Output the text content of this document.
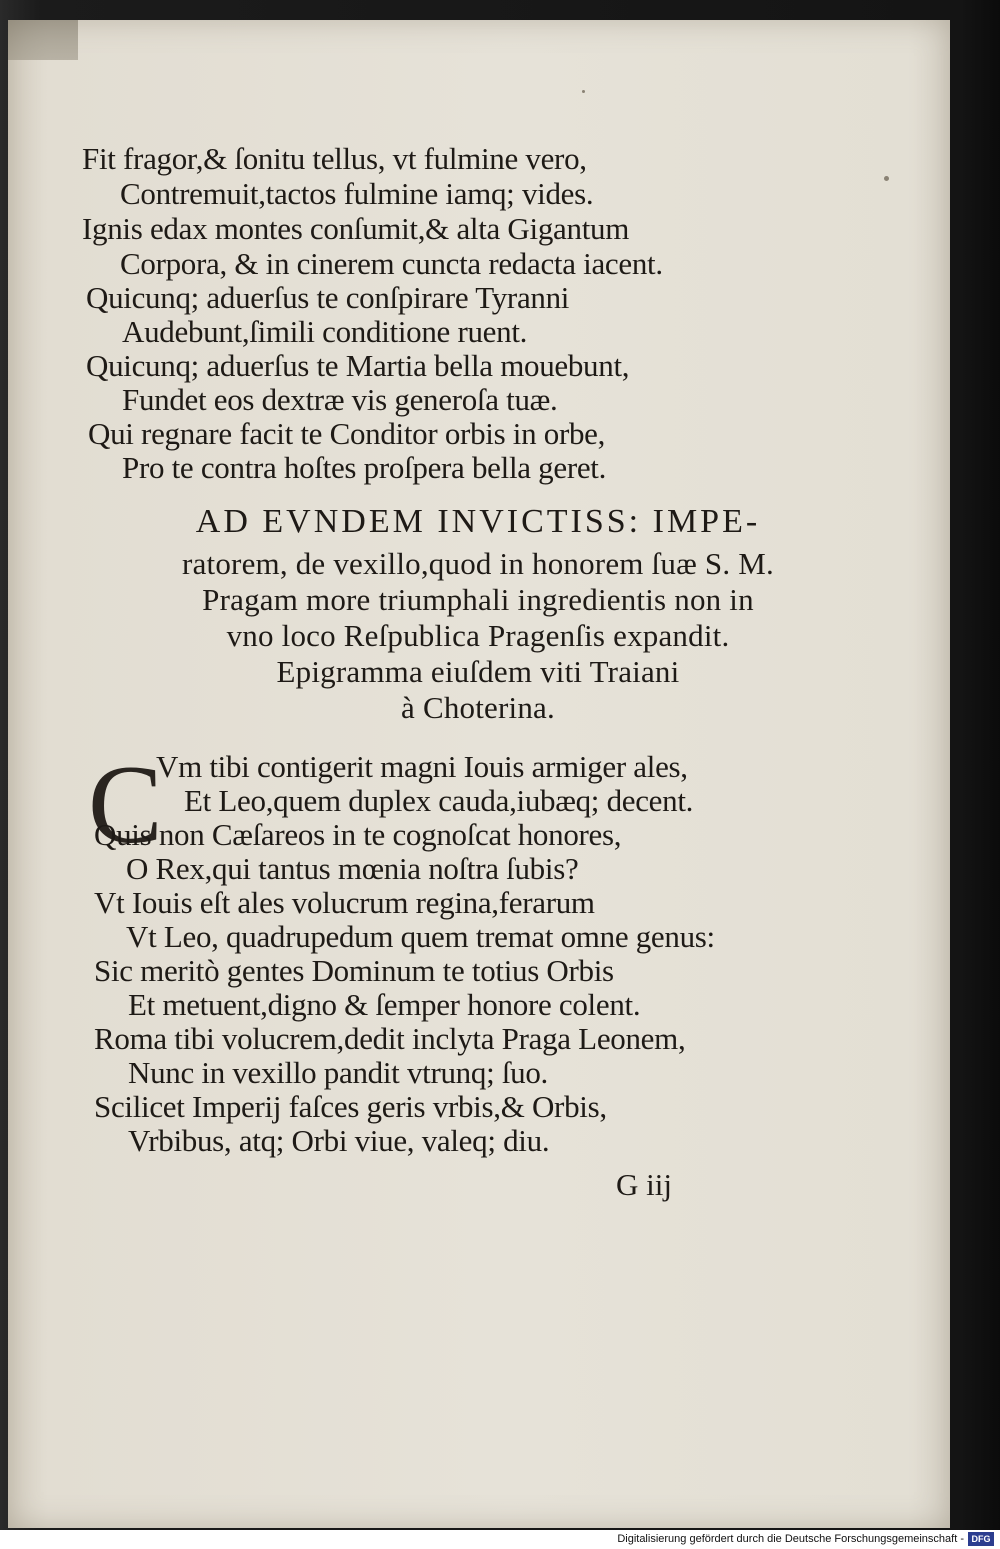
Fit fragor,& ſonitu tellus, vt fulmine vero,
Contremuit,tactos fulmine iamq; vides.
Ignis edax montes conſumit,& alta Gigantum
Corpora, & in cinerem cuncta redacta iacent.
Quicunq; aduerſus te conſpirare Tyranni
Audebunt,ſimili conditione ruent.
Quicunq; aduerſus te Martia bella mouebunt,
Fundet eos dextræ vis generoſa tuæ.
Qui regnare facit te Conditor orbis in orbe,
Pro te contra hoſtes proſpera bella geret.
AD EVNDEM INVICTISS: IMPE-
ratorem, de vexillo,quod in honorem ſuæ S. M.
Pragam more triumphali ingredientis non in
vno loco Reſpublica Pragenſis expandit.
Epigramma eiuſdem viti Traiani
à Choterina.
C
Vm tibi contigerit magni Iouis armiger ales,
Et Leo,quem duplex cauda,iubæq; decent.
Quis non Cæſareos in te cognoſcat honores,
O Rex,qui tantus mœnia noſtra ſubis?
Vt Iouis eſt ales volucrum regina,ferarum
Vt Leo, quadrupedum quem tremat omne genus:
Sic meritò gentes Dominum te totius Orbis
Et metuent,digno & ſemper honore colent.
Roma tibi volucrem,dedit inclyta Praga Leonem,
Nunc in vexillo pandit vtrunq; ſuo.
Scilicet Imperij faſces geris vrbis,& Orbis,
Vrbibus, atq; Orbi viue, valeq; diu.
G iij
Digitalisierung gefördert durch die Deutsche Forschungsgemeinschaft - DFG
